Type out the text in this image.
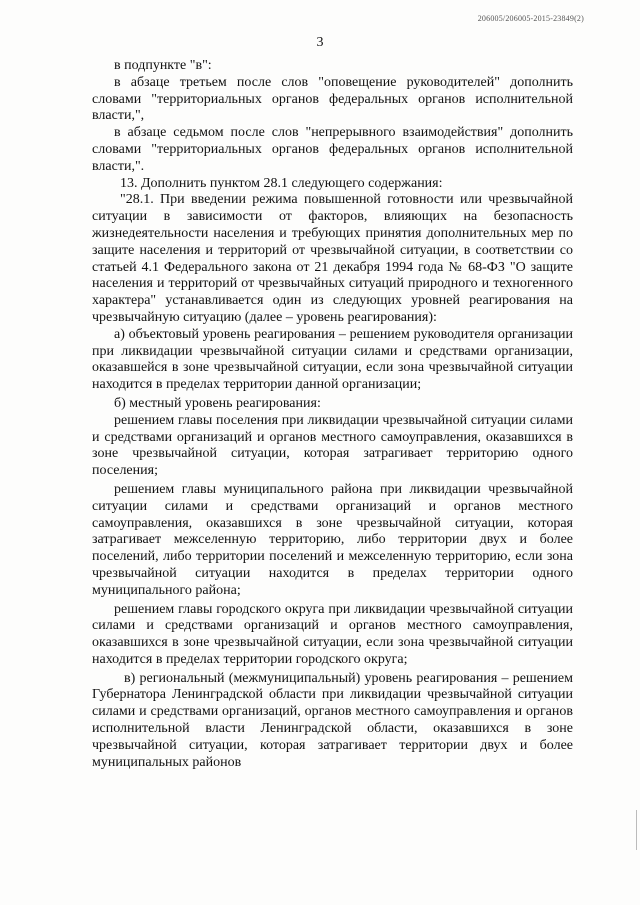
206005/206005-2015-23849(2)
3

в подпункте "в":

в абзаце третьем после слов "оповещение руководителей" дополнить словами "территориальных органов федеральных органов исполнительной власти,",

в абзаце седьмом после слов "непрерывного взаимодействия" дополнить словами "территориальных органов федеральных органов исполнительной власти,".

13. Дополнить пунктом 28.1 следующего содержания:

"28.1. При введении режима повышенной готовности или чрезвычайной ситуации в зависимости от факторов, влияющих на безопасность жизнедеятельности населения и требующих принятия дополнительных мер по защите населения и территорий от чрезвычайной ситуации, в соответствии со статьей 4.1 Федерального закона от 21 декабря 1994 года № 68-ФЗ "О защите населения и территорий от чрезвычайных ситуаций природного и техногенного характера" устанавливается один из следующих уровней реагирования на чрезвычайную ситуацию (далее – уровень реагирования):

а) объектовый уровень реагирования – решением руководителя организации при ликвидации чрезвычайной ситуации силами и средствами организации, оказавшейся в зоне чрезвычайной ситуации, если зона чрезвычайной ситуации находится в пределах территории данной организации;

б) местный уровень реагирования:

решением главы поселения при ликвидации чрезвычайной ситуации силами и средствами организаций и органов местного самоуправления, оказавшихся в зоне чрезвычайной ситуации, которая затрагивает территорию одного поселения;

решением главы муниципального района при ликвидации чрезвычайной ситуации силами и средствами организаций и органов местного самоуправления, оказавшихся в зоне чрезвычайной ситуации, которая затрагивает межселенную территорию, либо территории двух и более поселений, либо территории поселений и межселенную территорию, если зона чрезвычайной ситуации находится в пределах территории одного муниципального района;

решением главы городского округа при ликвидации чрезвычайной ситуации силами и средствами организаций и органов местного самоуправления, оказавшихся в зоне чрезвычайной ситуации, если зона чрезвычайной ситуации находится в пределах территории городского округа;

в) региональный (межмуниципальный) уровень реагирования – решением Губернатора Ленинградской области при ликвидации чрезвычайной ситуации силами и средствами организаций, органов местного самоуправления и органов исполнительной власти Ленинградской области, оказавшихся в зоне чрезвычайной ситуации, которая затрагивает территории двух и более муниципальных районов
